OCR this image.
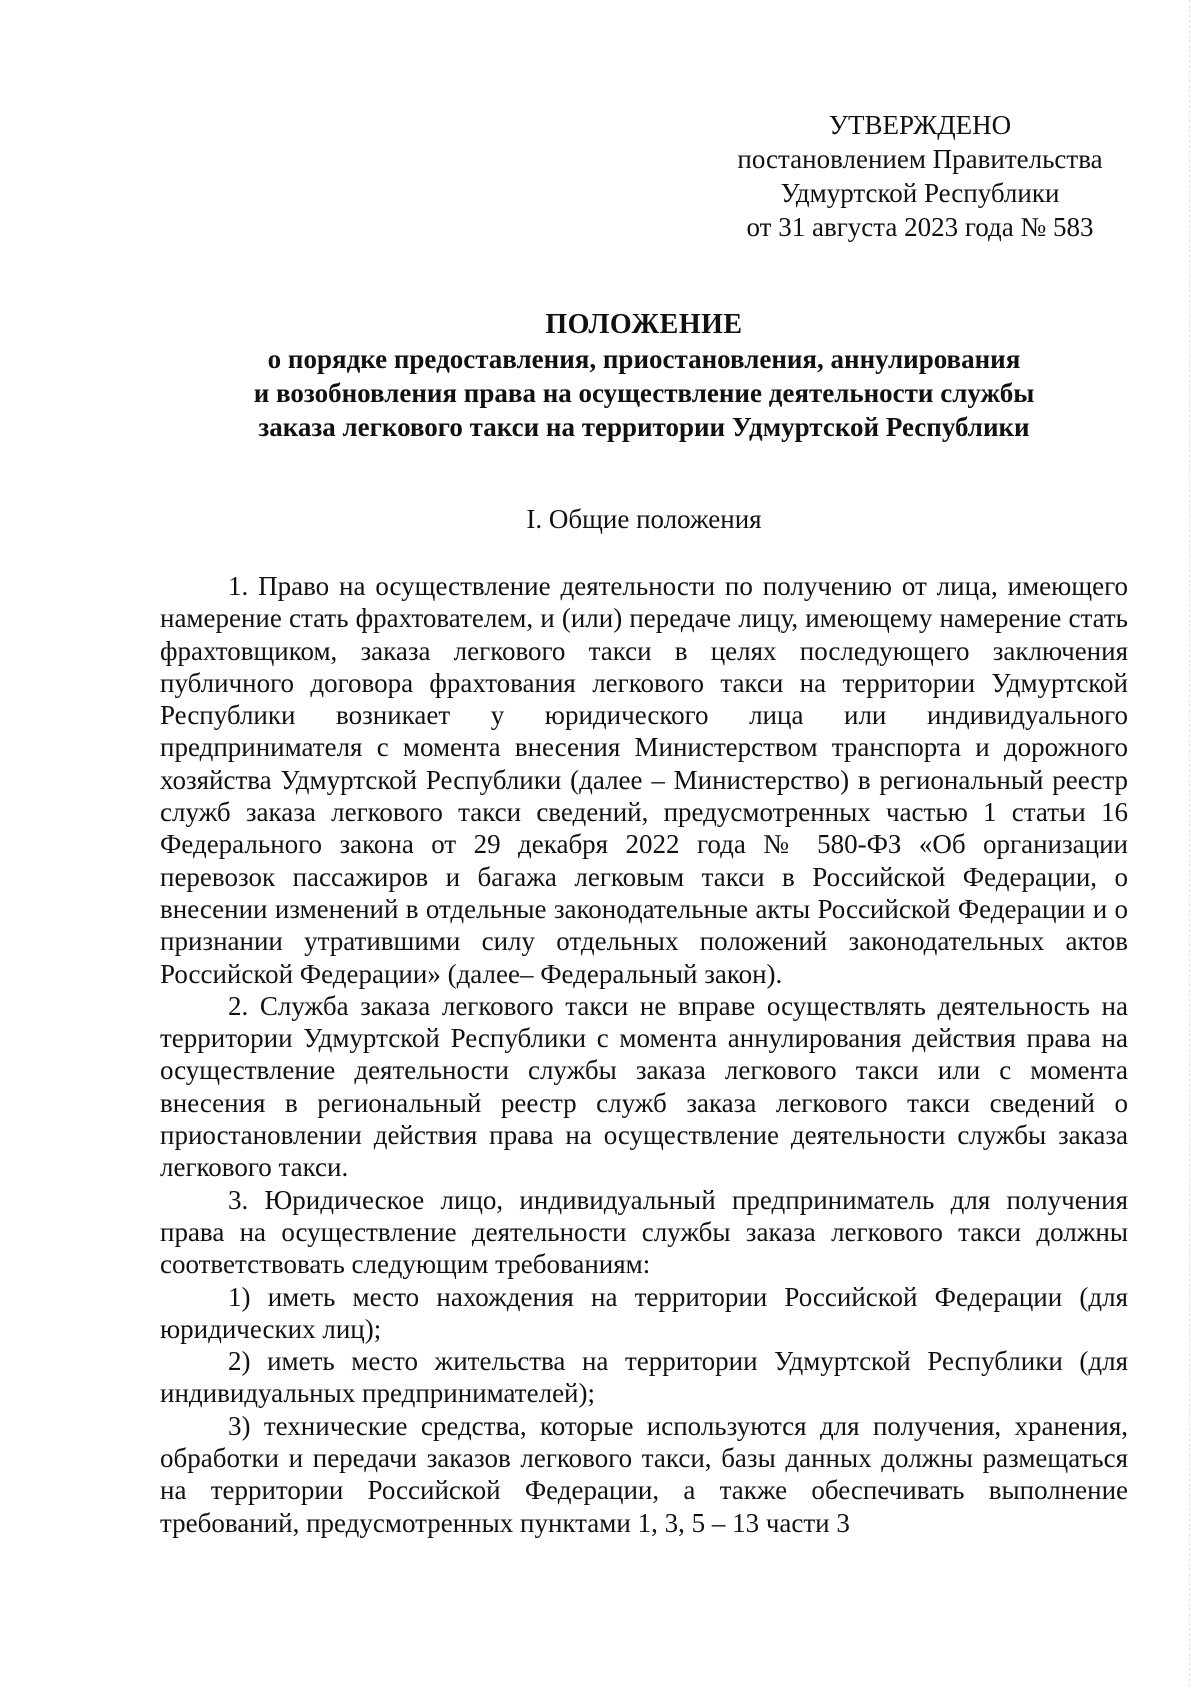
УТВЕРЖДЕНО
постановлением Правительства
Удмуртской Республики
от 31 августа 2023 года № 583
ПОЛОЖЕНИЕ
о порядке предоставления, приостановления, аннулирования
и возобновления права на осуществление деятельности службы
заказа легкового такси на территории Удмуртской Республики
I. Общие положения

1. Право на осуществление деятельности по получению от лица, имеющего намерение стать фрахтователем, и (или) передаче лицу, имеющему намерение стать фрахтовщиком, заказа легкового такси в целях последующего заключения публичного договора фрахтования легкового такси на территории Удмуртской Республики возникает у юридического лица или индивидуального предпринимателя с момента внесения Министерством транспорта и дорожного хозяйства Удмуртской Республики (далее – Министерство) в региональный реестр служб заказа легкового такси сведений, предусмотренных частью 1 статьи 16 Федерального закона от 29 декабря 2022 года № 580-ФЗ «Об организации перевозок пассажиров и багажа легковым такси в Российской Федерации, о внесении изменений в отдельные законодательные акты Российской Федерации и о признании утратившими силу отдельных положений законодательных актов Российской Федерации» (далее– Федеральный закон).

2. Служба заказа легкового такси не вправе осуществлять деятельность на территории Удмуртской Республики с момента аннулирования действия права на осуществление деятельности службы заказа легкового такси или с момента внесения в региональный реестр служб заказа легкового такси сведений о приостановлении действия права на осуществление деятельности службы заказа легкового такси.

3. Юридическое лицо, индивидуальный предприниматель для получения права на осуществление деятельности службы заказа легкового такси должны соответствовать следующим требованиям:

1) иметь место нахождения на территории Российской Федерации (для юридических лиц);

2) иметь место жительства на территории Удмуртской Республики (для индивидуальных предпринимателей);

3) технические средства, которые используются для получения, хранения, обработки и передачи заказов легкового такси, базы данных должны размещаться на территории Российской Федерации, а также обеспечивать выполнение требований, предусмотренных пунктами 1, 3, 5 – 13 части 3
